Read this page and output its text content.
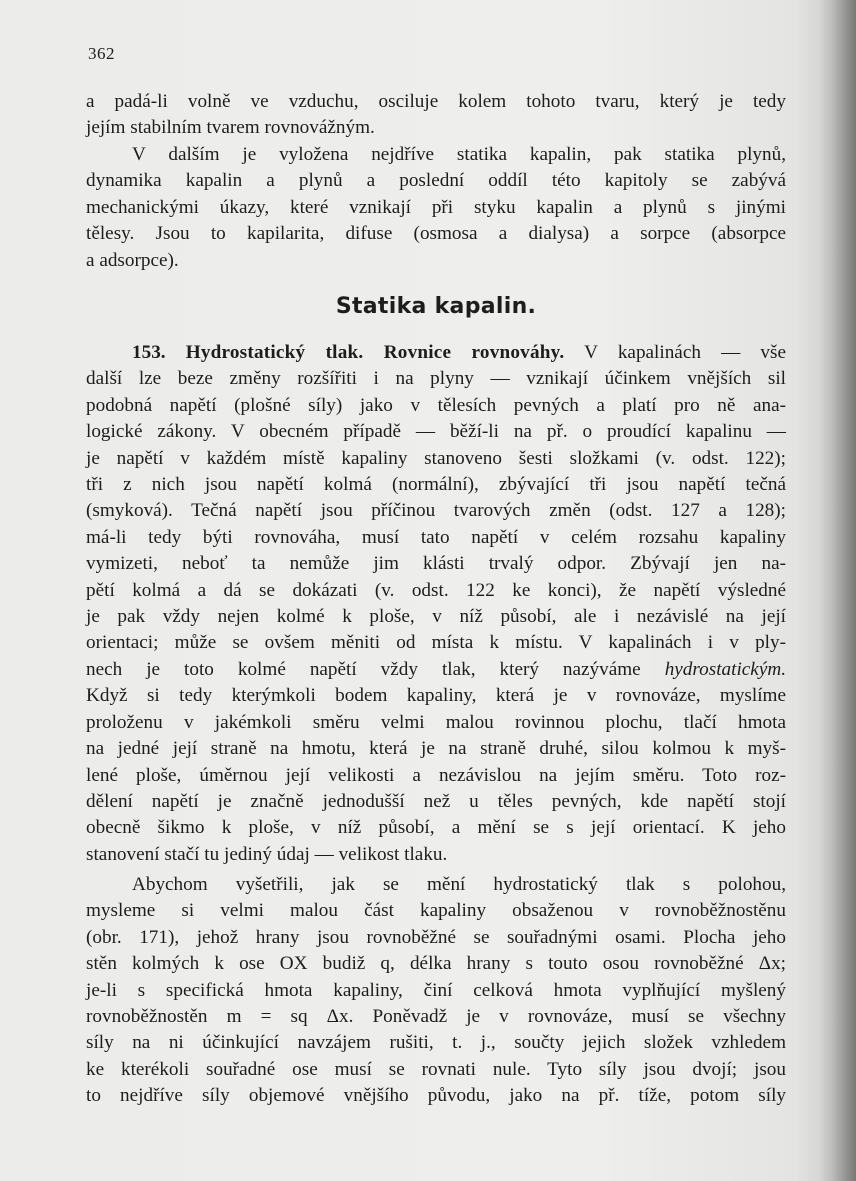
362
a padá-li volně ve vzduchu, osciluje kolem tohoto tvaru, který je tedy
jejím stabilním tvarem rovnovážným.
V dalším je vyložena nejdříve statika kapalin, pak statika plynů,
dynamika kapalin a plynů a poslední oddíl této kapitoly se zabývá
mechanickými úkazy, které vznikají při styku kapalin a plynů s jinými
tělesy. Jsou to kapilarita, difuse (osmosa a dialysa) a sorpce (absorpce
a adsorpce).
Statika kapalin.
153. Hydrostatický tlak. Rovnice rovnováhy. V kapalinách — vše
další lze beze změny rozšířiti i na plyny — vznikají účinkem vnějších sil
podobná napětí (plošné síly) jako v tělesích pevných a platí pro ně ana-
logické zákony. V obecném případě — běží-li na př. o proudící kapalinu —
je napětí v každém místě kapaliny stanoveno šesti složkami (v. odst. 122);
tři z nich jsou napětí kolmá (normální), zbývající tři jsou napětí tečná
(smyková). Tečná napětí jsou příčinou tvarových změn (odst. 127 a 128);
má-li tedy býti rovnováha, musí tato napětí v celém rozsahu kapaliny
vymizeti, neboť ta nemůže jim klásti trvalý odpor. Zbývají jen na-
pětí kolmá a dá se dokázati (v. odst. 122 ke konci), že napětí výsledné
je pak vždy nejen kolmé k ploše, v níž působí, ale i nezávislé na její
orientaci; může se ovšem měniti od místa k místu. V kapalinách i v ply-
nech je toto kolmé napětí vždy tlak, který nazýváme hydrostatickým.
Když si tedy kterýmkoli bodem kapaliny, která je v rovnováze, myslíme
proloženu v jakémkoli směru velmi malou rovinnou plochu, tlačí hmota
na jedné její straně na hmotu, která je na straně druhé, silou kolmou k myš-
lené ploše, úměrnou její velikosti a nezávislou na jejím směru. Toto roz-
dělení napětí je značně jednodušší než u těles pevných, kde napětí stojí
obecně šikmo k ploše, v níž působí, a mění se s její orientací. K jeho
stanovení stačí tu jediný údaj — velikost tlaku.
Abychom vyšetřili, jak se mění hydrostatický tlak s polohou,
mysleme si velmi malou část kapaliny obsaženou v rovnoběžnostěnu
(obr. 171), jehož hrany jsou rovnoběžné se souřadnými osami. Plocha jeho
stěn kolmých k ose OX budiž q, délka hrany s touto osou rovnoběžné Δx;
je-li s specifická hmota kapaliny, činí celková hmota vyplňující myšlený
rovnoběžnostěn m = sq Δx. Poněvadž je v rovnováze, musí se všechny
síly na ni účinkující navzájem rušiti, t. j., součty jejich složek vzhledem
ke kterékoli souřadné ose musí se rovnati nule. Tyto síly jsou dvojí; jsou
to nejdříve síly objemové vnějšího původu, jako na př. tíže, potom síly
